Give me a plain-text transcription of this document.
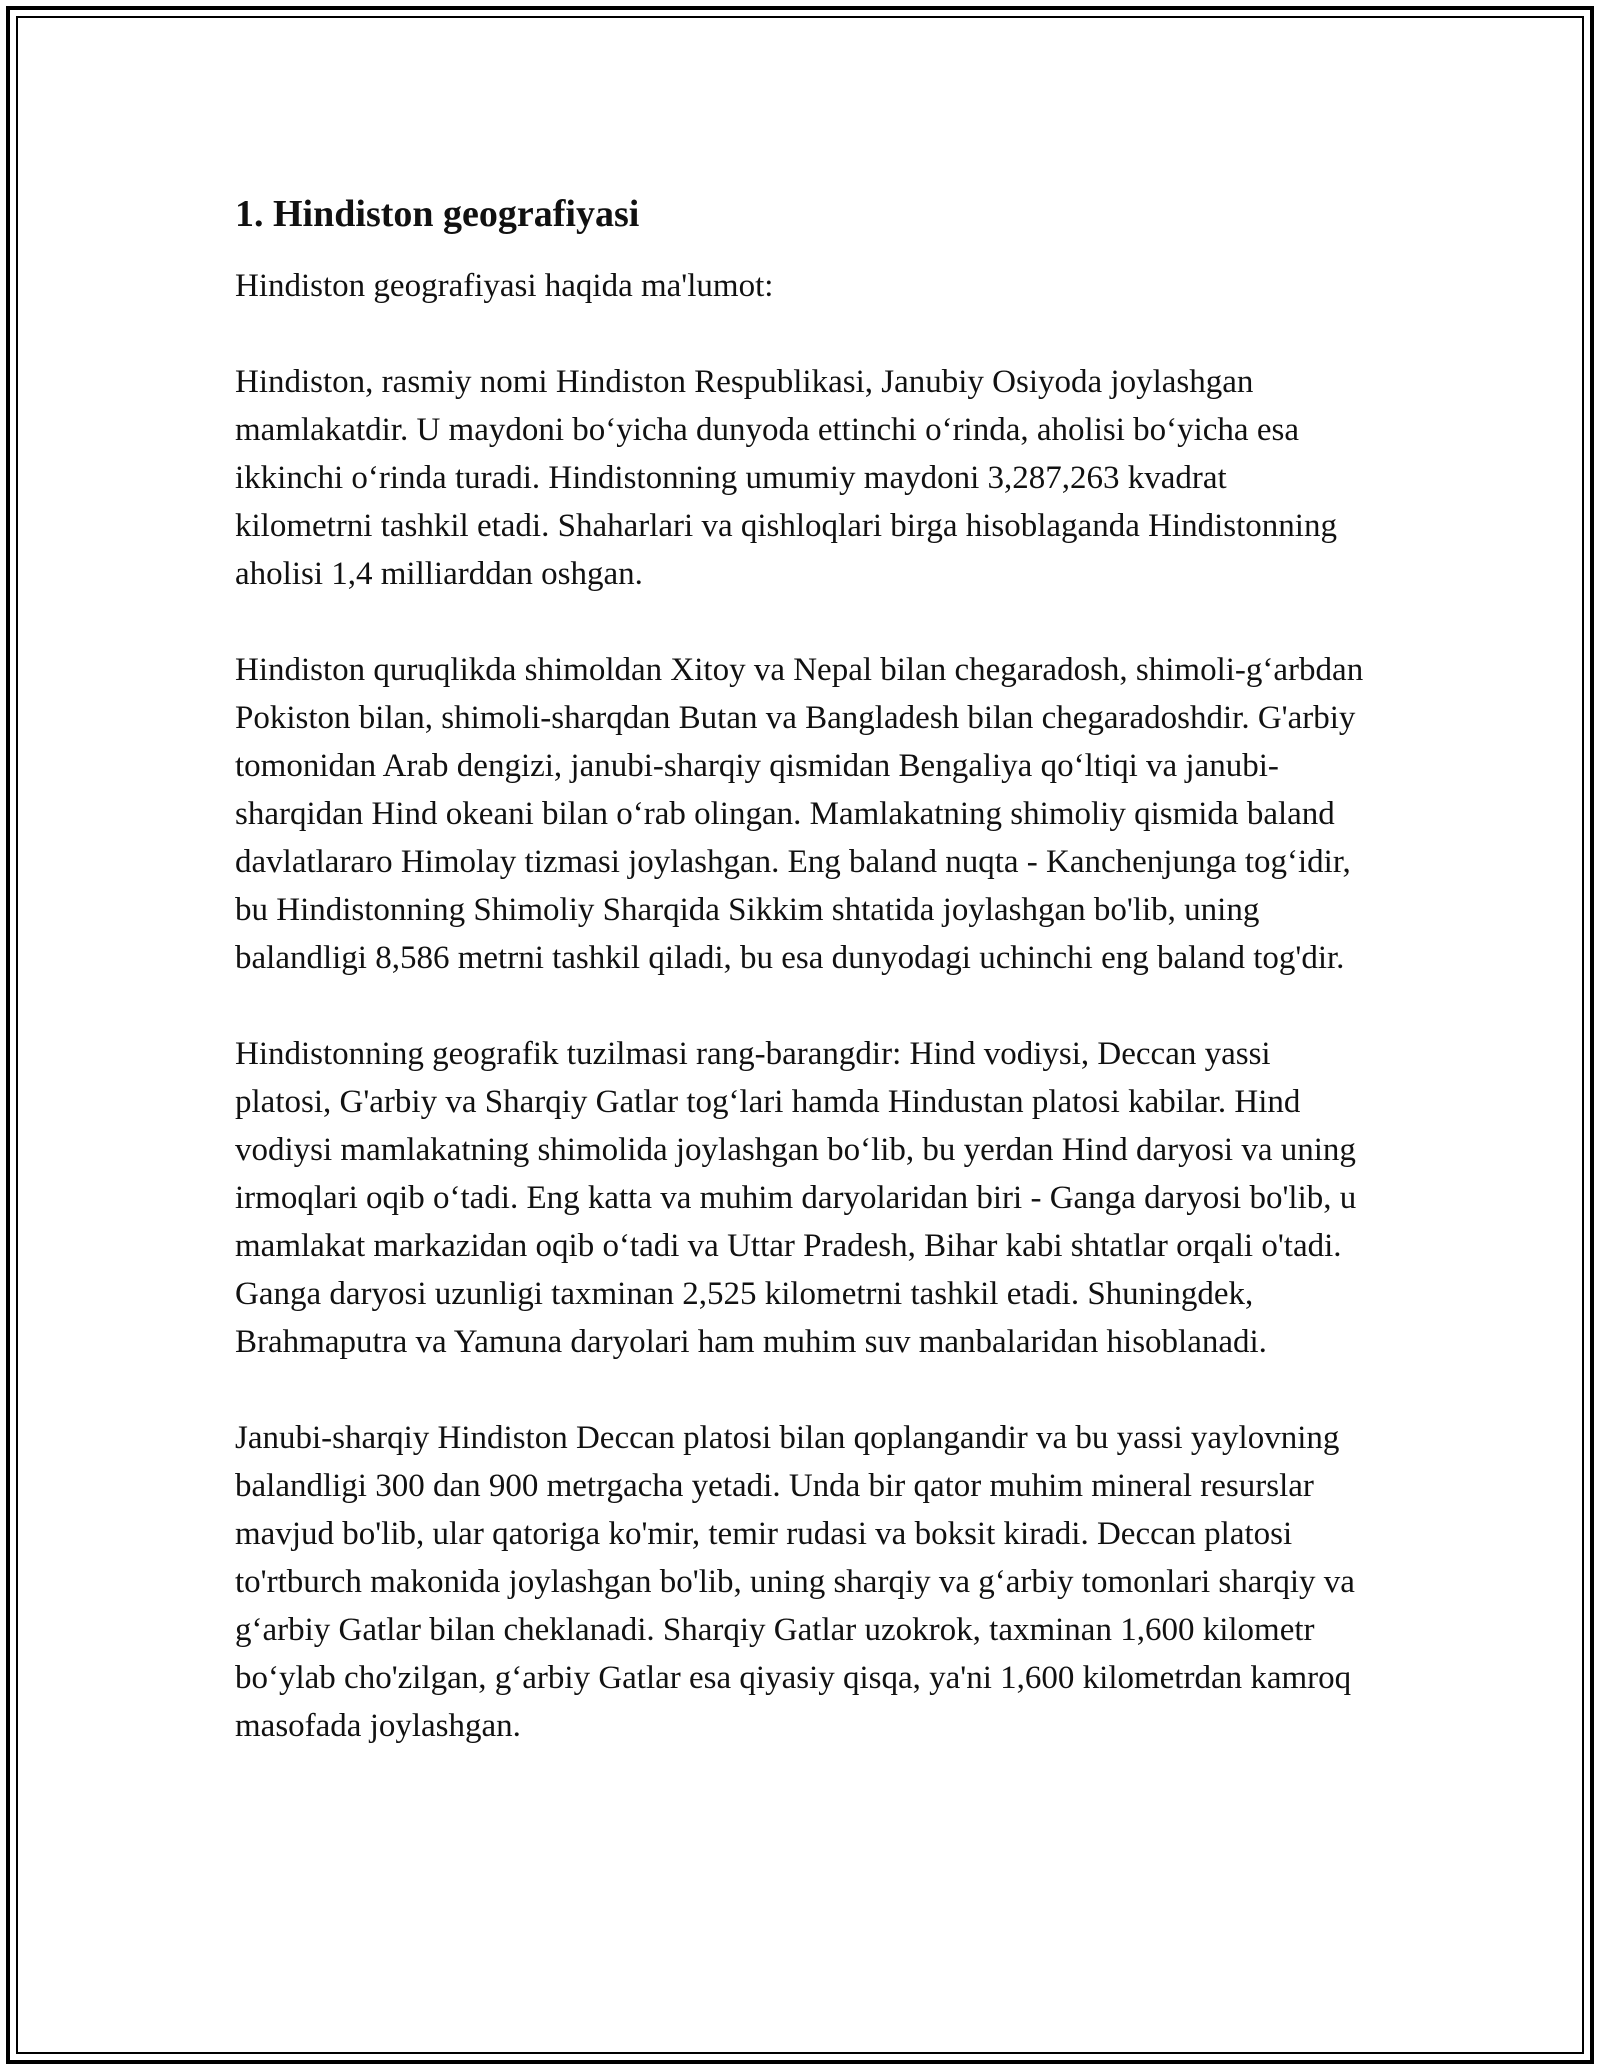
1. Hindiston geografiyasi

Hindiston geografiyasi haqida ma'lumot:

Hindiston, rasmiy nomi Hindiston Respublikasi, Janubiy Osiyoda joylashgan mamlakatdir. U maydoni bo‘yicha dunyoda ettinchi o‘rinda, aholisi bo‘yicha esa ikkinchi o‘rinda turadi. Hindistonning umumiy maydoni 3,287,263 kvadrat kilometrni tashkil etadi. Shaharlari va qishloqlari birga hisoblaganda Hindistonning aholisi 1,4 milliarddan oshgan.

Hindiston quruqlikda shimoldan Xitoy va Nepal bilan chegaradosh, shimoli-g‘arbdan Pokiston bilan, shimoli-sharqdan Butan va Bangladesh bilan chegaradoshdir. G'arbiy tomonidan Arab dengizi, janubi-sharqiy qismidan Bengaliya qo‘ltiqi va janubi-sharqidan Hind okeani bilan o‘rab olingan. Mamlakatning shimoliy qismida baland davlatlararo Himolay tizmasi joylashgan. Eng baland nuqta - Kanchenjunga tog‘idir, bu Hindistonning Shimoliy Sharqida Sikkim shtatida joylashgan bo'lib, uning balandligi 8,586 metrni tashkil qiladi, bu esa dunyodagi uchinchi eng baland tog'dir.

Hindistonning geografik tuzilmasi rang-barangdir: Hind vodiysi, Deccan yassi platosi, G'arbiy va Sharqiy Gatlar tog‘lari hamda Hindustan platosi kabilar. Hind vodiysi mamlakatning shimolida joylashgan bo‘lib, bu yerdan Hind daryosi va uning irmoqlari oqib o‘tadi. Eng katta va muhim daryolaridan biri - Ganga daryosi bo'lib, u mamlakat markazidan oqib o‘tadi va Uttar Pradesh, Bihar kabi shtatlar orqali o'tadi. Ganga daryosi uzunligi taxminan 2,525 kilometrni tashkil etadi. Shuningdek, Brahmaputra va Yamuna daryolari ham muhim suv manbalaridan hisoblanadi.

Janubi-sharqiy Hindiston Deccan platosi bilan qoplangandir va bu yassi yaylovning balandligi 300 dan 900 metrgacha yetadi. Unda bir qator muhim mineral resurslar mavjud bo'lib, ular qatoriga ko'mir, temir rudasi va boksit kiradi. Deccan platosi to'rtburch makonida joylashgan bo'lib, uning sharqiy va g‘arbiy tomonlari sharqiy va g‘arbiy Gatlar bilan cheklanadi. Sharqiy Gatlar uzokrok, taxminan 1,600 kilometr bo‘ylab cho'zilgan, g‘arbiy Gatlar esa qiyasiy qisqa, ya'ni 1,600 kilometrdan kamroq masofada joylashgan.
